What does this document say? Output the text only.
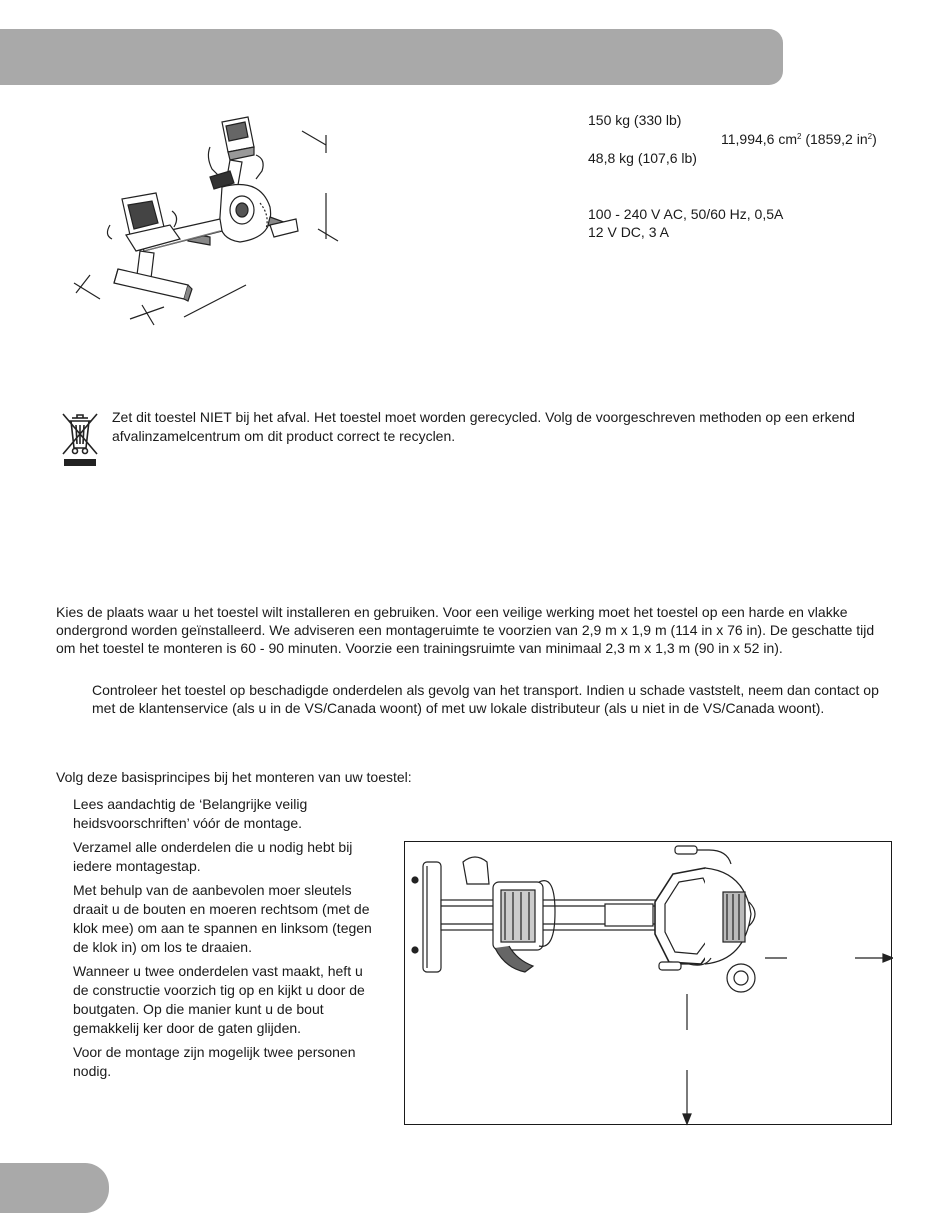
150 kg (330 lb)
11,994,6 $cm^2$ (1859,2 $in^2$)
48,8 kg (107,6 lb)
100 - 240 V AC, 50/60 Hz, 0,5A
12 V DC, 3 A

Zet dit toestel NIET bij het afval. Het toestel moet worden gerecycled. Volg de voorgeschreven methoden op een erkend afvalinzamelcentrum om dit product correct te recyclen.

Kies de plaats waar u het toestel wilt installeren en gebruiken. Voor een veilige werking moet het toestel op een harde en vlakke ondergrond worden geïnstalleerd. We adviseren een montageruimte te voorzien van 2,9 m x 1,9 m (114 in x 76 in). De geschatte tijd om het toestel te monteren is 60 - 90 minuten. Voorzie een trainingsruimte van minimaal 2,3 m x 1,3 m (90 in x 52 in).

Controleer het toestel op beschadigde onderdelen als gevolg van het transport. Indien u schade vaststelt, neem dan contact op met de klantenservice (als u in de VS/Canada woont) of met uw lokale distributeur (als u niet in de VS/Canada woont).

Volg deze basisprincipes bij het monteren van uw toestel:

Lees aandachtig de ‘Belangrijke veilig heidsvoorschriften’ vóór de montage.
Verzamel alle onderdelen die u nodig hebt bij iedere montagestap.
Met behulp van de aanbevolen moer sleutels draait u de bouten en moeren rechtsom (met de klok mee) om aan te spannen en linksom (tegen de klok in) om los te draaien.
Wanneer u twee onderdelen vast maakt, heft u de constructie voorzich tig op en kijkt u door de boutgaten. Op die manier kunt u de bout gemakkelij ker door de gaten glijden.
Voor de montage zijn mogelijk twee personen nodig.
